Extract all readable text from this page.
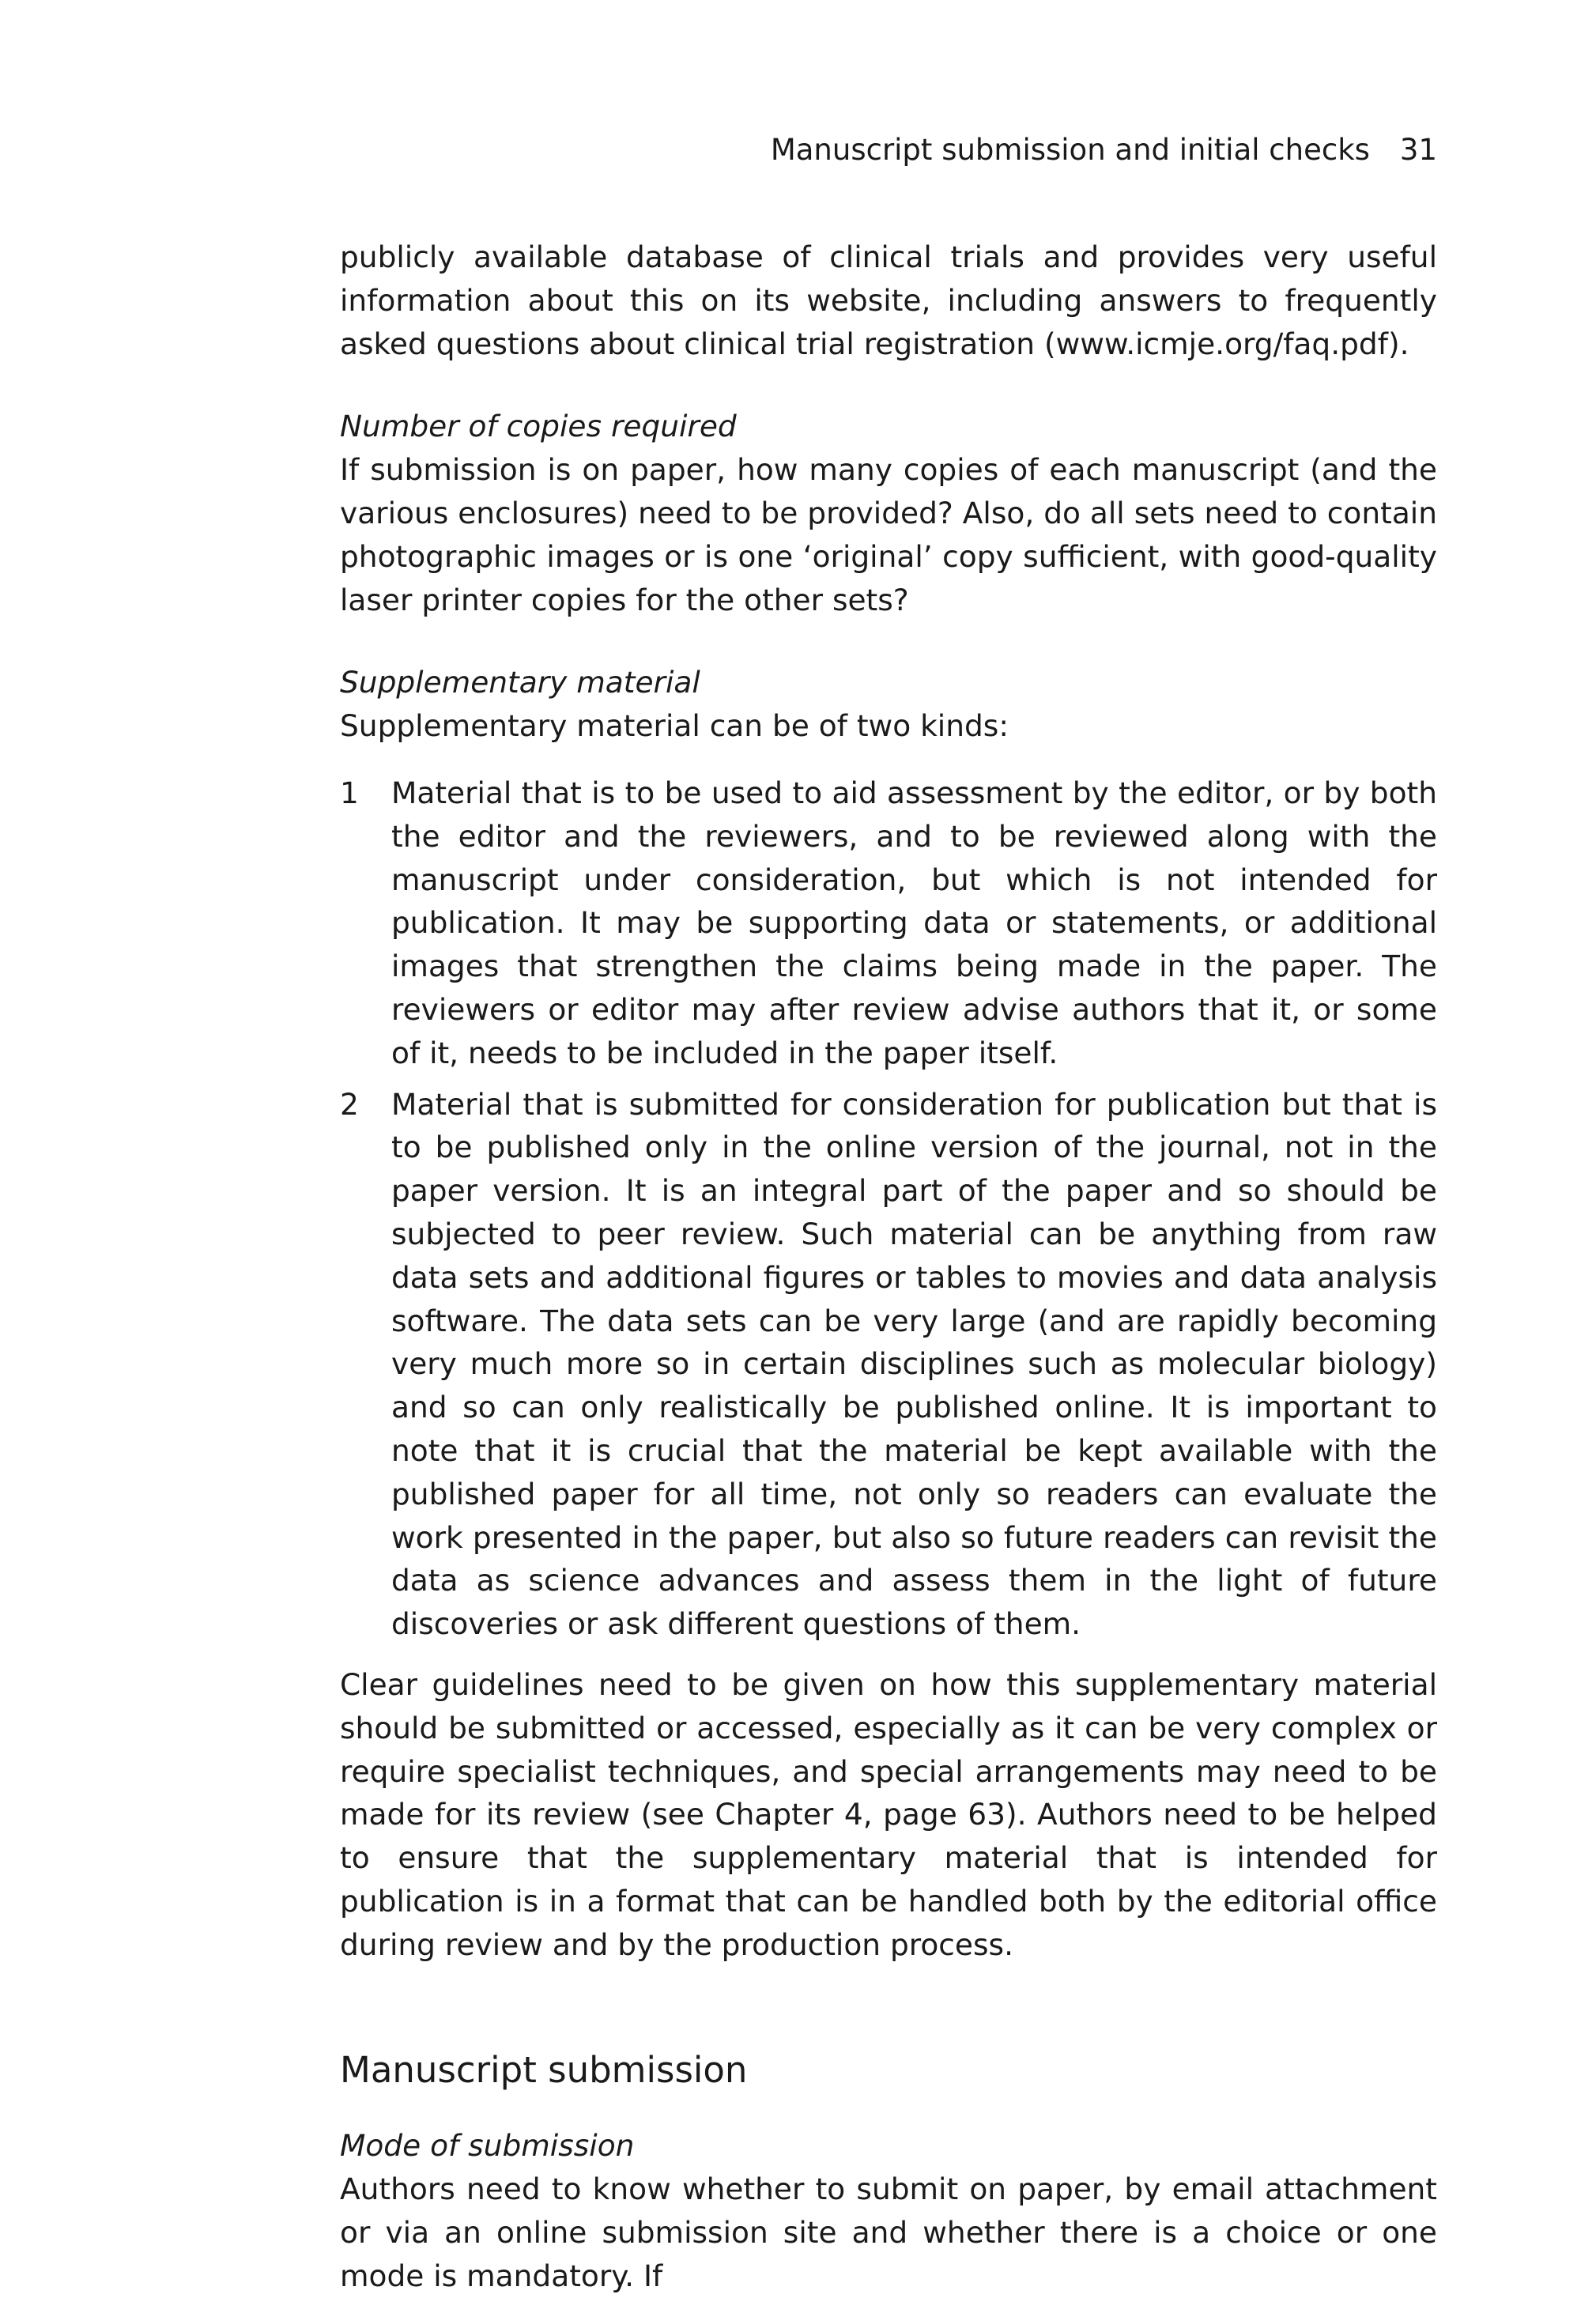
Manuscript submission and initial checks 31

publicly available database of clinical trials and provides very useful information about this on its website, including answers to frequently asked questions about clinical trial registration (www.icmje.org/faq.pdf).

Number of copies required

If submission is on paper, how many copies of each manuscript (and the various enclosures) need to be provided? Also, do all sets need to contain photographic images or is one ‘original’ copy sufficient, with good-quality laser printer copies for the other sets?

Supplementary material

Supplementary material can be of two kinds:

1 Material that is to be used to aid assessment by the editor, or by both the editor and the reviewers, and to be reviewed along with the manuscript under consideration, but which is not intended for publication. It may be supporting data or statements, or additional images that strengthen the claims being made in the paper. The reviewers or editor may after review advise authors that it, or some of it, needs to be included in the paper itself.

2 Material that is submitted for consideration for publication but that is to be published only in the online version of the journal, not in the paper version. It is an integral part of the paper and so should be subjected to peer review. Such material can be anything from raw data sets and additional figures or tables to movies and data analysis software. The data sets can be very large (and are rapidly becoming very much more so in certain disciplines such as molecular biology) and so can only realistically be published online. It is important to note that it is crucial that the material be kept available with the published paper for all time, not only so readers can evaluate the work presented in the paper, but also so future readers can revisit the data as science advances and assess them in the light of future discoveries or ask different questions of them.

Clear guidelines need to be given on how this supplementary material should be submitted or accessed, especially as it can be very complex or require specialist techniques, and special arrangements may need to be made for its review (see Chapter 4, page 63). Authors need to be helped to ensure that the supplementary material that is intended for publication is in a format that can be handled both by the editorial office during review and by the production process.

Manuscript submission
Mode of submission

Authors need to know whether to submit on paper, by email attachment or via an online submission site and whether there is a choice or one mode is mandatory. If
